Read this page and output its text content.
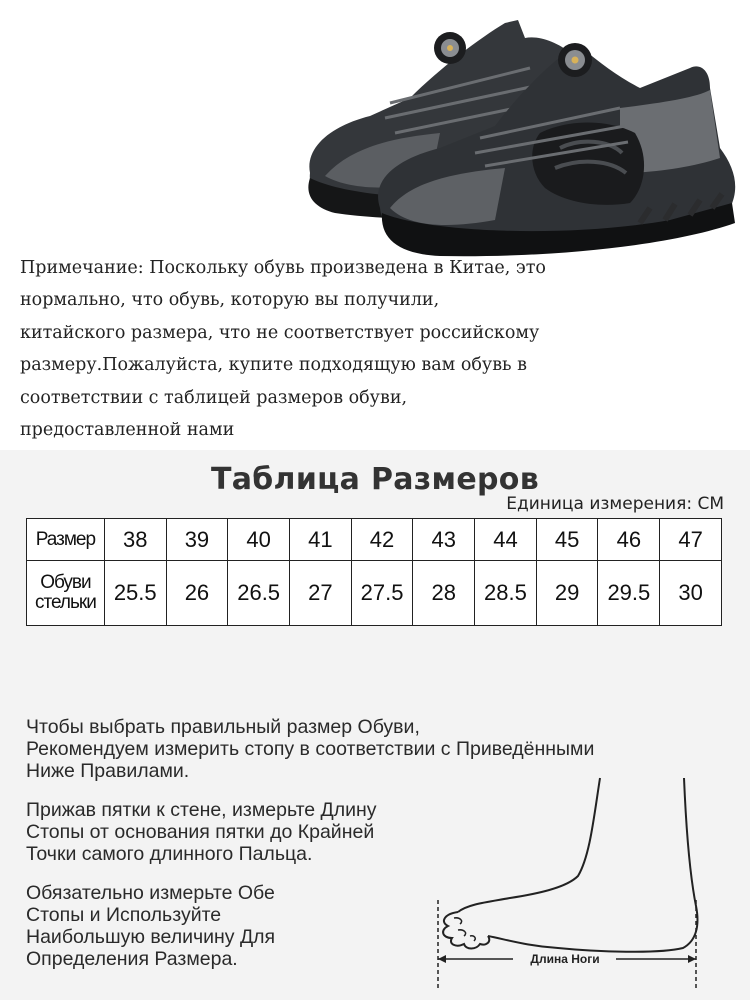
Примечание: Поскольку обувь произведена в Китае, это

нормально, что обувь, которую вы получили,

китайского размера, что не соответствует российскому

размеру.Пожалуйста, купите подходящую вам обувь в

соответствии с таблицей размеров обуви,

предоставленной нами

Таблица Размеров
Единица измерения: CM
Размер	38	39	40	41	42	43	44	45	46	47

Обуви
стельки	25.5	26	26.5	27	27.5	28	28.5	29	29.5	30
Чтобы выбрать правильный размер Обуви,
Рекомендуем измерить стопу в соответствии с Приведёнными
Ниже Правилами.
Прижав пятки к стене, измерьте Длину
Стопы от основания пятки до Крайней
Точки самого длинного Пальца.
Обязательно измерьте Обе
Стопы и Используйте
Наибольшую величину Для
Определения Размера.	Длина Ноги
